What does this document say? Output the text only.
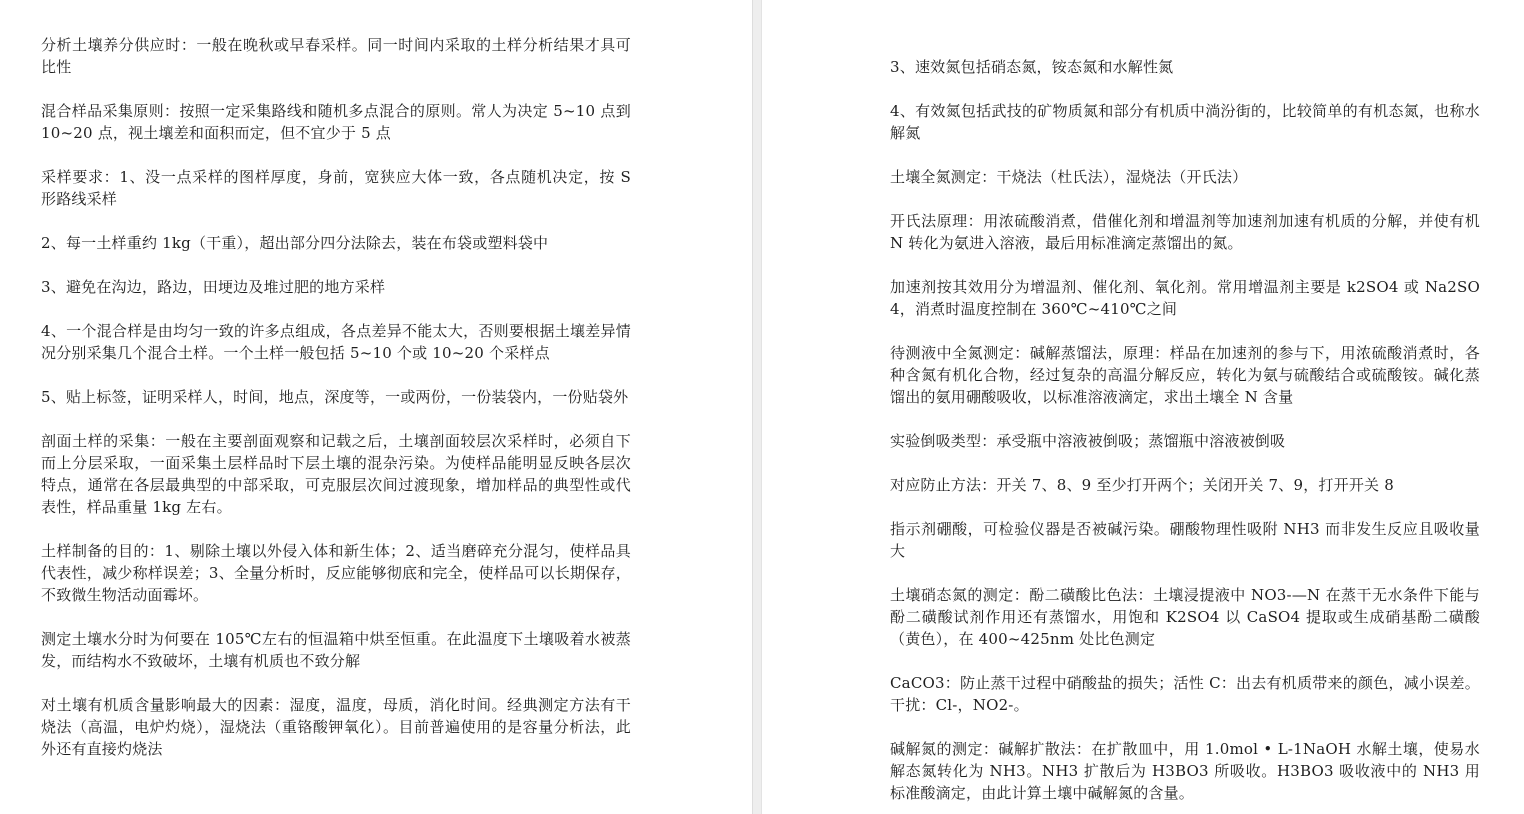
分析土壤养分供应时：一般在晚秋或早春采样。同一时间内采取的土样分析结果才具可比性

混合样品采集原则：按照一定采集路线和随机多点混合的原则。常人为决定 5~10 点到 10~20 点，视土壤差和面积而定，但不宜少于 5 点

采样要求：1、没一点采样的图样厚度，身前，宽狭应大体一致，各点随机决定，按 S 形路线采样

2、每一土样重约 1kg（干重），超出部分四分法除去，装在布袋或塑料袋中

3、避免在沟边，路边，田埂边及堆过肥的地方采样

4、一个混合样是由均匀一致的许多点组成，各点差异不能太大，否则要根据土壤差异情况分别采集几个混合土样。一个土样一般包括 5~10 个或 10~20 个采样点

5、贴上标签，证明采样人，时间，地点，深度等，一或两份，一份装袋内，一份贴袋外

剖面土样的采集：一般在主要剖面观察和记载之后，土壤剖面较层次采样时，必须自下而上分层采取，一面采集土层样品时下层土壤的混杂污染。为使样品能明显反映各层次特点，通常在各层最典型的中部采取，可克服层次间过渡现象，增加样品的典型性或代表性，样品重量 1kg 左右。

土样制备的目的：1、剔除土壤以外侵入体和新生体；2、适当磨碎充分混匀，使样品具代表性，减少称样误差；3、全量分析时，反应能够彻底和完全，使样品可以长期保存，不致微生物活动面霉坏。

测定土壤水分时为何要在 105℃左右的恒温箱中烘至恒重。在此温度下土壤吸着水被蒸发，而结构水不致破坏，土壤有机质也不致分解

对土壤有机质含量影响最大的因素：湿度，温度，母质，消化时间。经典测定方法有干烧法（高温，电炉灼烧），湿烧法（重铬酸钾氧化）。目前普遍使用的是容量分析法，此外还有直接灼烧法

3、速效氮包括硝态氮，铵态氮和水解性氮

4、有效氮包括武技的矿物质氮和部分有机质中淌汾街的，比较简单的有机态氮，也称水解氮

土壤全氮测定：干烧法（杜氏法），湿烧法（开氏法）

开氏法原理：用浓硫酸消煮，借催化剂和增温剂等加速剂加速有机质的分解，并使有机 N 转化为氨进入溶液，最后用标准滴定蒸馏出的氮。

加速剂按其效用分为增温剂、催化剂、氧化剂。常用增温剂主要是 k2SO4 或 Na2SO4，消煮时温度控制在 360℃~410℃之间

待测液中全氮测定：碱解蒸馏法，原理：样品在加速剂的参与下，用浓硫酸消煮时，各种含氮有机化合物，经过复杂的高温分解反应，转化为氨与硫酸结合或硫酸铵。碱化蒸馏出的氨用硼酸吸收，以标准溶液滴定，求出土壤全 N 含量

实验倒吸类型：承受瓶中溶液被倒吸；蒸馏瓶中溶液被倒吸

对应防止方法：开关 7、8、9 至少打开两个；关闭开关 7、9，打开开关 8

指示剂硼酸，可检验仪器是否被碱污染。硼酸物理性吸附 NH3 而非发生反应且吸收量大

土壤硝态氮的测定：酚二磺酸比色法：土壤浸提液中 NO3-—N 在蒸干无水条件下能与酚二磺酸试剂作用还有蒸馏水，用饱和 K2SO4 以 CaSO4 提取或生成硝基酚二磺酸（黄色），在 400~425nm 处比色测定

CaCO3：防止蒸干过程中硝酸盐的损失；活性 C：出去有机质带来的颜色，减小误差。干扰：Cl-，NO2-。

碱解氮的测定：碱解扩散法：在扩散皿中，用 1.0mol • L-1NaOH 水解土壤，使易水解态氮转化为 NH3。NH3 扩散后为 H3BO3 所吸收。H3BO3 吸收液中的 NH3 用标准酸滴定，由此计算土壤中碱解氮的含量。
